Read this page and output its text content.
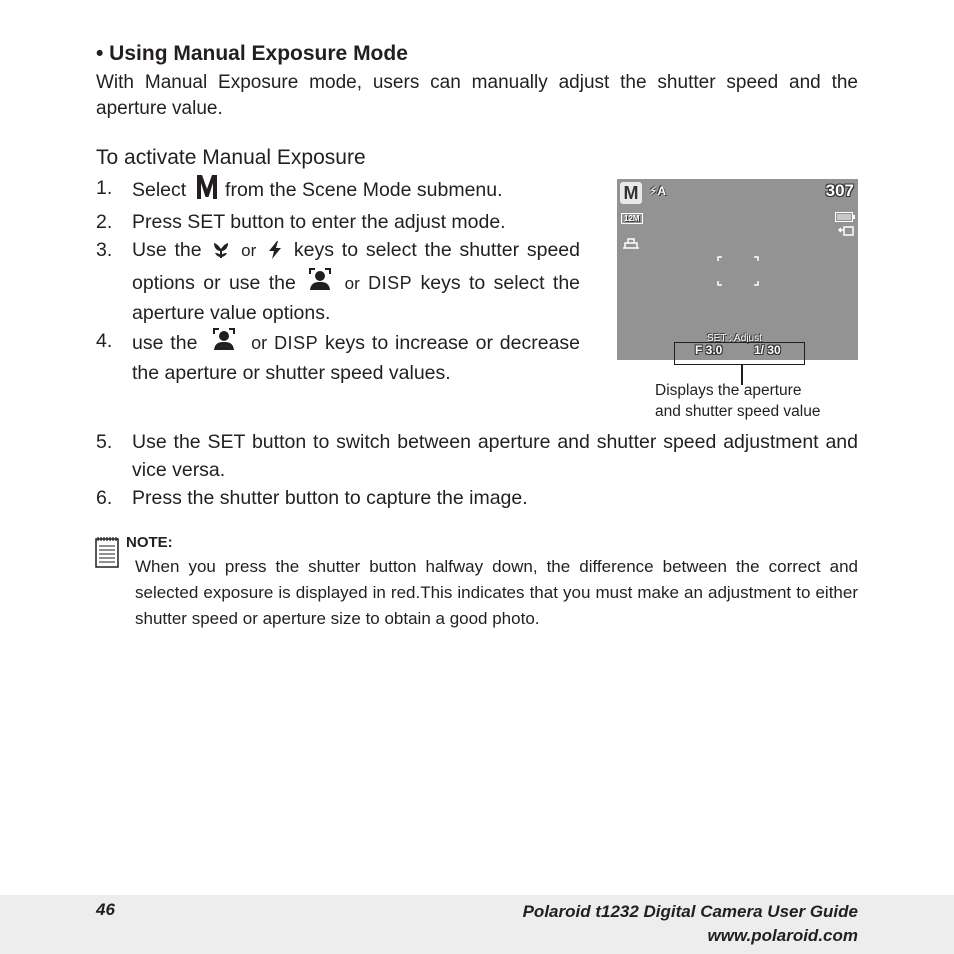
• Using Manual Exposure Mode

With Manual Exposure mode, users can manually adjust the shutter speed and the aperture value.

To activate Manual Exposure
1. Select from the Scene Mode submenu.
2. Press SET button to enter the adjust mode.
3. Use the or keys to select the shutter speed options or use the	or DISP keys to select the aperture value options.
4. use the	or DISP keys to increase or decrease the aperture or shutter speed values.
M ⚡A	307
12M
SET : Adjust
F 3.0	1/ 30
Displays the aperture
and shutter speed value
5. Use the SET button to switch between aperture and shutter speed adjustment and vice versa.
6. Press the shutter button to capture the image.
NOTE:
When you press the shutter button halfway down, the difference between the correct and selected exposure is displayed in red.This indicates that you must make an adjustment to either shutter speed or aperture size to obtain a good photo.
46	Polaroid t1232 Digital Camera User Guide
www.polaroid.com
